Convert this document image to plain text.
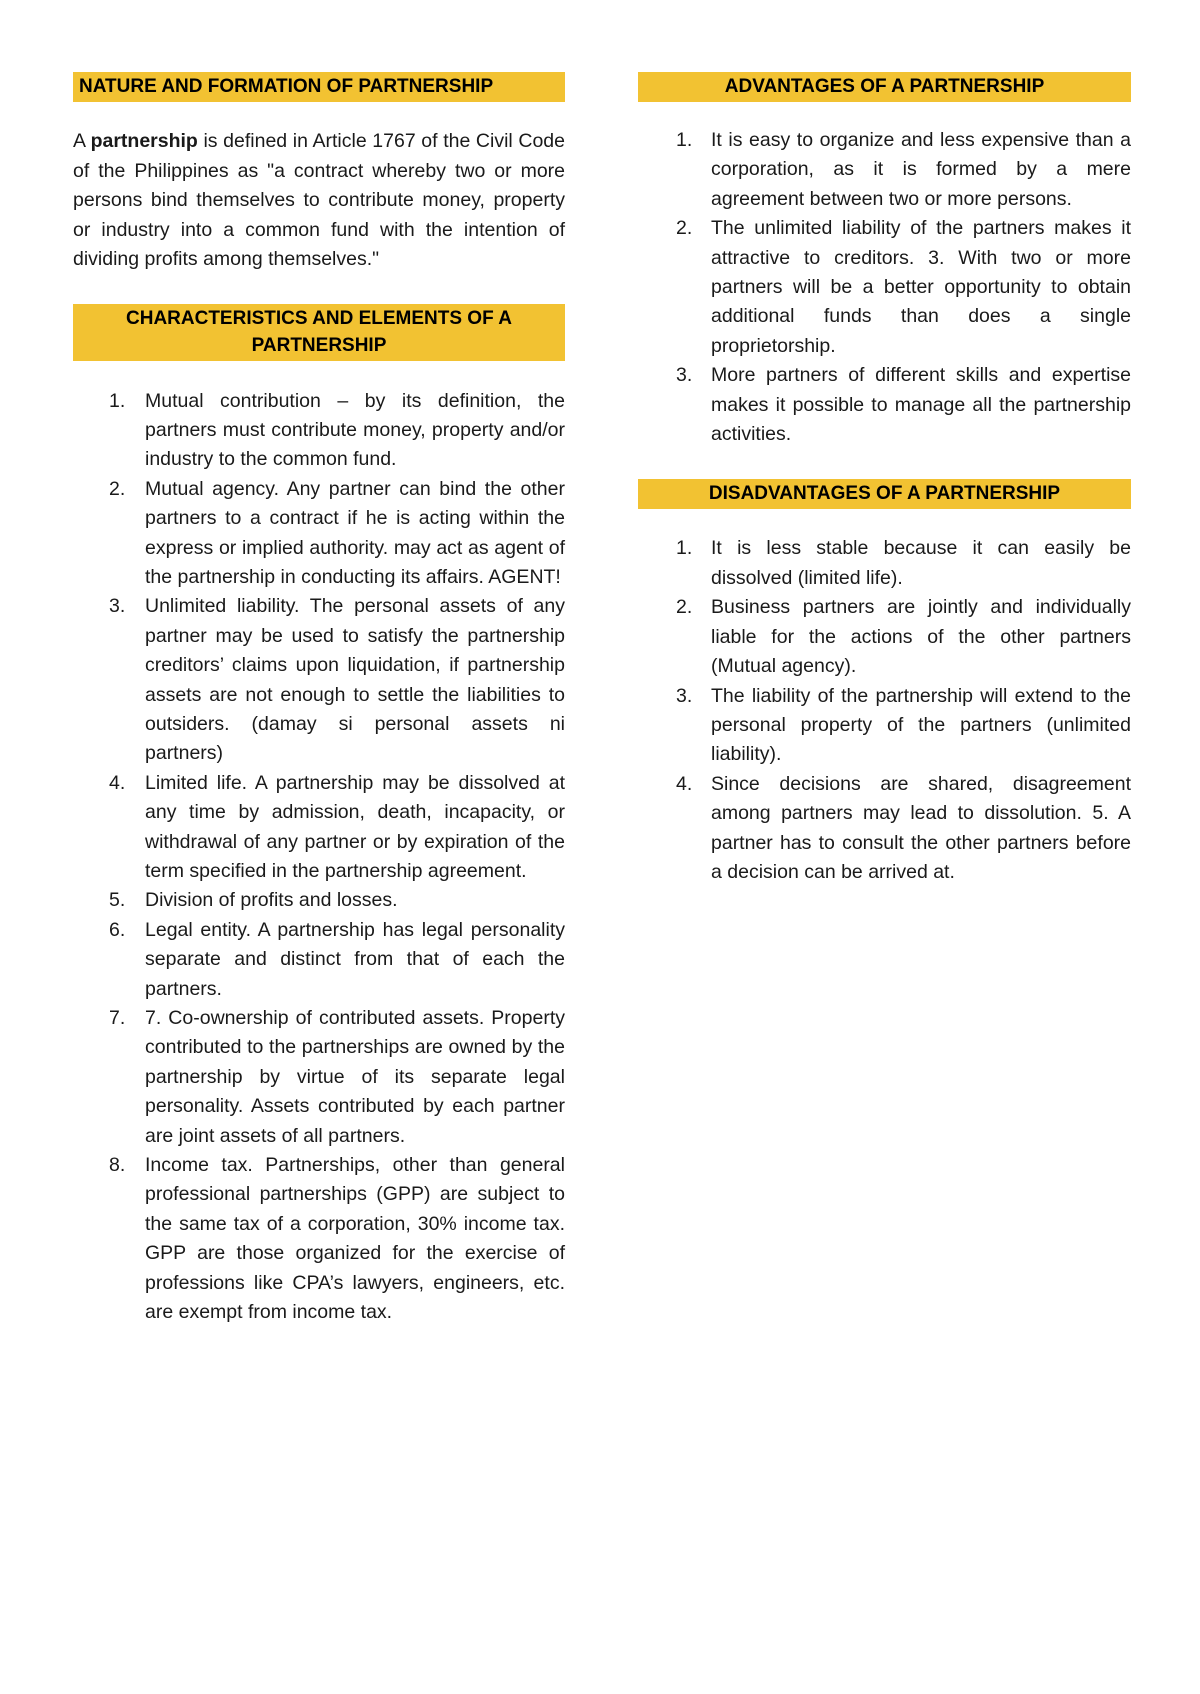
NATURE AND FORMATION OF PARTNERSHIP

A partnership is defined in Article 1767 of the Civil Code of the Philippines as "a contract whereby two or more persons bind themselves to contribute money, property or industry into a common fund with the intention of dividing profits among themselves."

CHARACTERISTICS AND ELEMENTS OF A PARTNERSHIP
1. Mutual contribution – by its definition, the partners must contribute money, property and/or industry to the common fund.
2. Mutual agency. Any partner can bind the other partners to a contract if he is acting within the express or implied authority. may act as agent of the partnership in conducting its affairs. AGENT!
3. Unlimited liability. The personal assets of any partner may be used to satisfy the partnership creditors’ claims upon liquidation, if partnership assets are not enough to settle the liabilities to outsiders. (damay si personal assets ni partners)
4. Limited life. A partnership may be dissolved at any time by admission, death, incapacity, or withdrawal of any partner or by expiration of the term specified in the partnership agreement.
5. Division of profits and losses.
6. Legal entity. A partnership has legal personality separate and distinct from that of each the partners.
7. 7. Co-ownership of contributed assets. Property contributed to the partnerships are owned by the partnership by virtue of its separate legal personality. Assets contributed by each partner are joint assets of all partners.
8. Income tax. Partnerships, other than general professional partnerships (GPP) are subject to the same tax of a corporation, 30% income tax. GPP are those organized for the exercise of professions like CPA’s lawyers, engineers, etc. are exempt from income tax.
ADVANTAGES OF A PARTNERSHIP
1. It is easy to organize and less expensive than a corporation, as it is formed by a mere agreement between two or more persons.
2. The unlimited liability of the partners makes it attractive to creditors. 3. With two or more partners will be a better opportunity to obtain additional funds than does a single proprietorship.
3. More partners of different skills and expertise makes it possible to manage all the partnership activities.
DISADVANTAGES OF A PARTNERSHIP
1. It is less stable because it can easily be dissolved (limited life).
2. Business partners are jointly and individually liable for the actions of the other partners (Mutual agency).
3. The liability of the partnership will extend to the personal property of the partners (unlimited liability).
4. Since decisions are shared, disagreement among partners may lead to dissolution. 5. A partner has to consult the other partners before a decision can be arrived at.
